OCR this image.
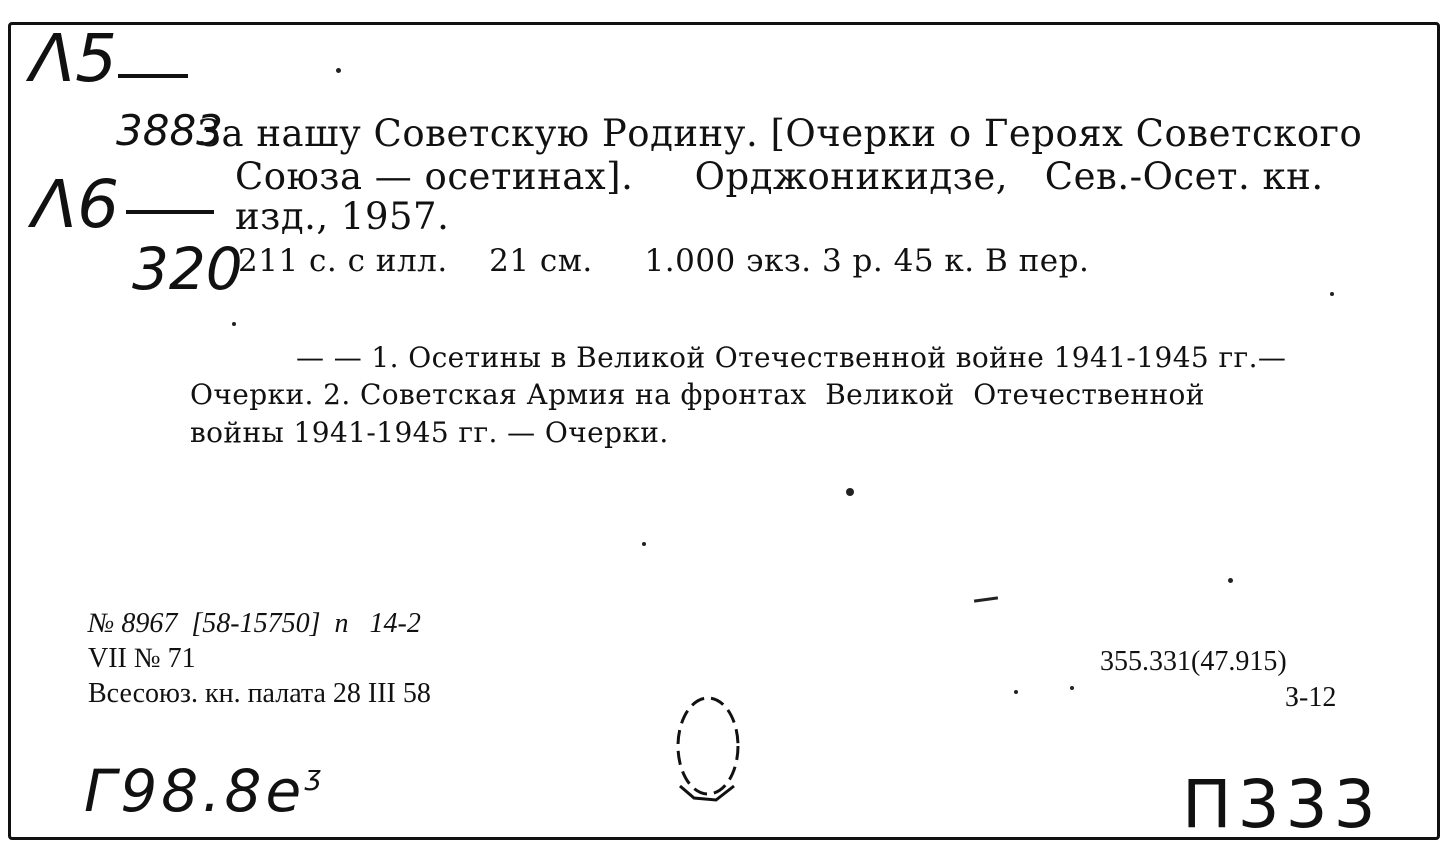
Λ5
Λ6
3883
320
За нашу Советскую Родину. [Очерки о Героях Советского
Союза — осетинах].     Орджоникидзе,   Сев.-Осет. кн.
изд., 1957.
211 с. с илл.    21 см.     1.000 экз. 3 р. 45 к. В пер.
— — 1. Осетины в Великой Отечественной войне 1941-1945 гг.—
Очерки. 2. Советская Армия на фронтах  Великой  Отечественной
войны 1941-1945 гг. — Очерки.
№ 8967  [58-15750]  п   14-2
VII № 71
Всесоюз. кн. палата 28 III 58
355.331(47.915)
З-12
$Г98.8е^ʒ$	П333
